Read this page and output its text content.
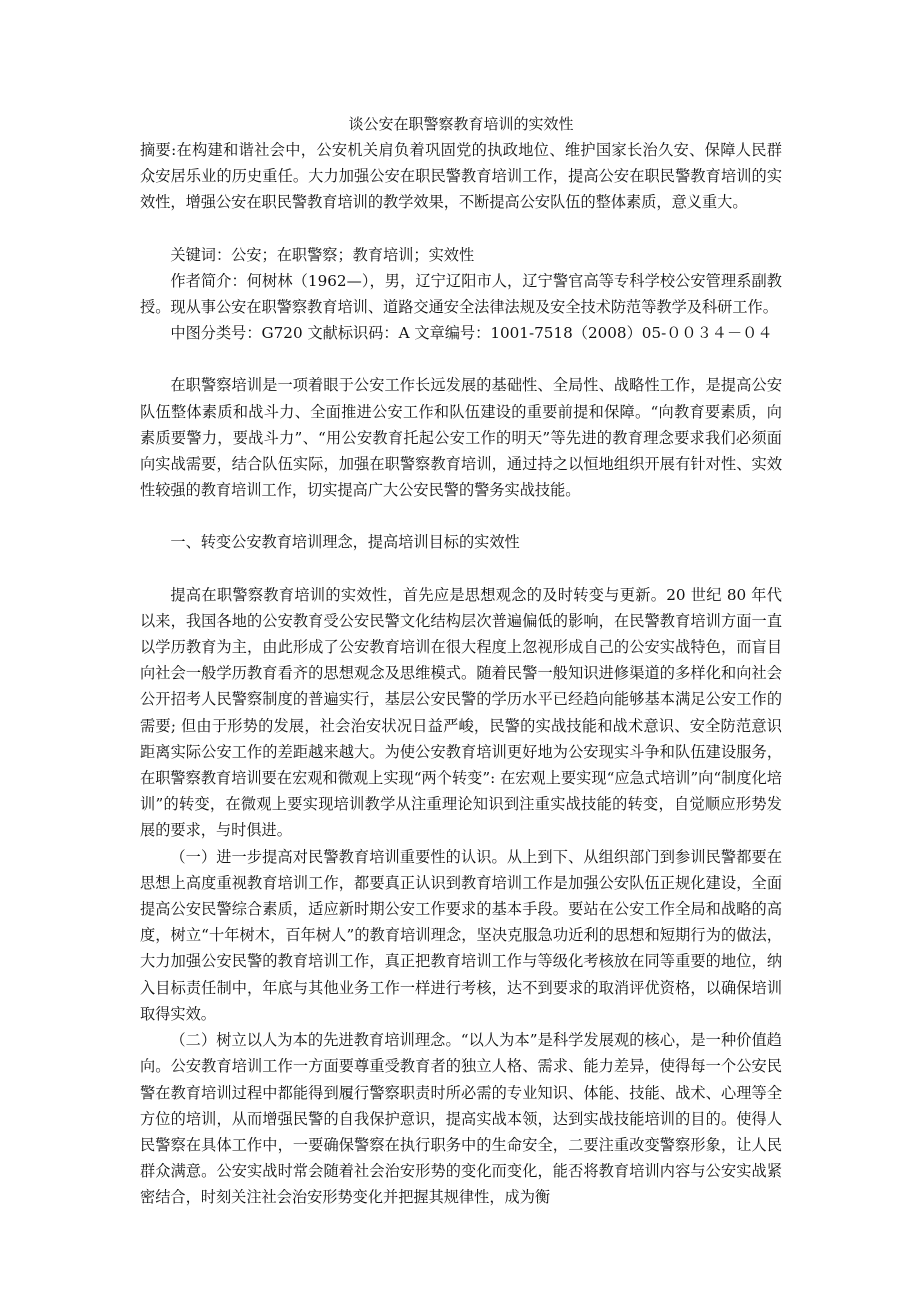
谈公安在职警察教育培训的实效性

摘要:在构建和谐社会中，公安机关肩负着巩固党的执政地位、维护国家长治久安、保障人民群众安居乐业的历史重任。大力加强公安在职民警教育培训工作，提高公安在职民警教育培训的实效性，增强公安在职民警教育培训的教学效果，不断提高公安队伍的整体素质，意义重大。

关键词：公安；在职警察；教育培训；实效性

作者简介：何树林（1962—），男，辽宁辽阳市人，辽宁警官高等专科学校公安管理系副教授。现从事公安在职警察教育培训、道路交通安全法律法规及安全技术防范等教学及科研工作。

中图分类号：G720 文献标识码：A 文章编号：1001-7518（2008）05-００３４－０４

在职警察培训是一项着眼于公安工作长远发展的基础性、全局性、战略性工作，是提高公安队伍整体素质和战斗力、全面推进公安工作和队伍建设的重要前提和保障。“向教育要素质，向素质要警力，要战斗力”、“用公安教育托起公安工作的明天”等先进的教育理念要求我们必须面向实战需要，结合队伍实际，加强在职警察教育培训，通过持之以恒地组织开展有针对性、实效性较强的教育培训工作，切实提高广大公安民警的警务实战技能。

一、转变公安教育培训理念，提高培训目标的实效性

提高在职警察教育培训的实效性，首先应是思想观念的及时转变与更新。20 世纪 80 年代以来，我国各地的公安教育受公安民警文化结构层次普遍偏低的影响，在民警教育培训方面一直以学历教育为主，由此形成了公安教育培训在很大程度上忽视形成自己的公安实战特色，而盲目向社会一般学历教育看齐的思想观念及思维模式。随着民警一般知识进修渠道的多样化和向社会公开招考人民警察制度的普遍实行，基层公安民警的学历水平已经趋向能够基本满足公安工作的需要; 但由于形势的发展，社会治安状况日益严峻，民警的实战技能和战术意识、安全防范意识距离实际公安工作的差距越来越大。为使公安教育培训更好地为公安现实斗争和队伍建设服务，在职警察教育培训要在宏观和微观上实现“两个转变”: 在宏观上要实现“应急式培训”向“制度化培训”的转变，在微观上要实现培训教学从注重理论知识到注重实战技能的转变，自觉顺应形势发展的要求，与时俱进。

（一）进一步提高对民警教育培训重要性的认识。从上到下、从组织部门到参训民警都要在思想上高度重视教育培训工作，都要真正认识到教育培训工作是加强公安队伍正规化建设，全面提高公安民警综合素质，适应新时期公安工作要求的基本手段。要站在公安工作全局和战略的高度，树立“十年树木，百年树人”的教育培训理念，坚决克服急功近利的思想和短期行为的做法，大力加强公安民警的教育培训工作，真正把教育培训工作与等级化考核放在同等重要的地位，纳入目标责任制中，年底与其他业务工作一样进行考核，达不到要求的取消评优资格，以确保培训取得实效。

（二）树立以人为本的先进教育培训理念。“以人为本”是科学发展观的核心，是一种价值趋向。公安教育培训工作一方面要尊重受教育者的独立人格、需求、能力差异，使得每一个公安民警在教育培训过程中都能得到履行警察职责时所必需的专业知识、体能、技能、战术、心理等全方位的培训，从而增强民警的自我保护意识，提高实战本领，达到实战技能培训的目的。使得人民警察在具体工作中，一要确保警察在执行职务中的生命安全，二要注重改变警察形象，让人民群众满意。公安实战时常会随着社会治安形势的变化而变化，能否将教育培训内容与公安实战紧密结合，时刻关注社会治安形势变化并把握其规律性，成为衡
